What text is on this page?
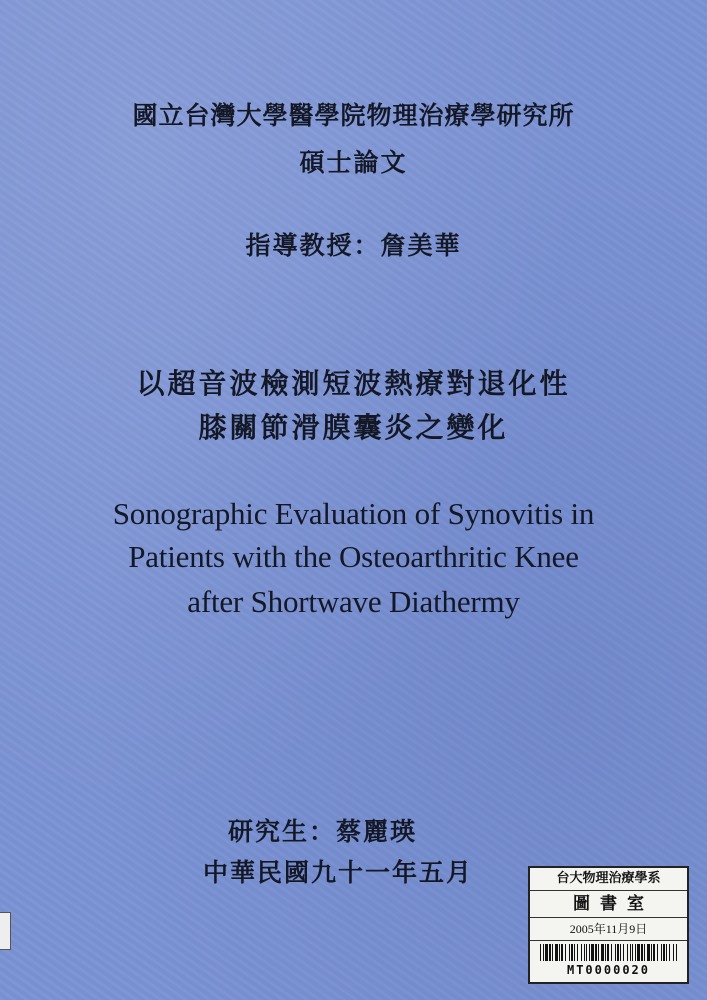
國立台灣大學醫學院物理治療學研究所
碩士論文
指導教授：詹美華
以超音波檢測短波熱療對退化性
膝關節滑膜囊炎之變化
Sonographic Evaluation of Synovitis in
Patients with the Osteoarthritic Knee
after Shortwave Diathermy
研究生：蔡麗瑛
中華民國九十一年五月	台大物理治療學系
圖書室
2005年11月9日
MT0000020
